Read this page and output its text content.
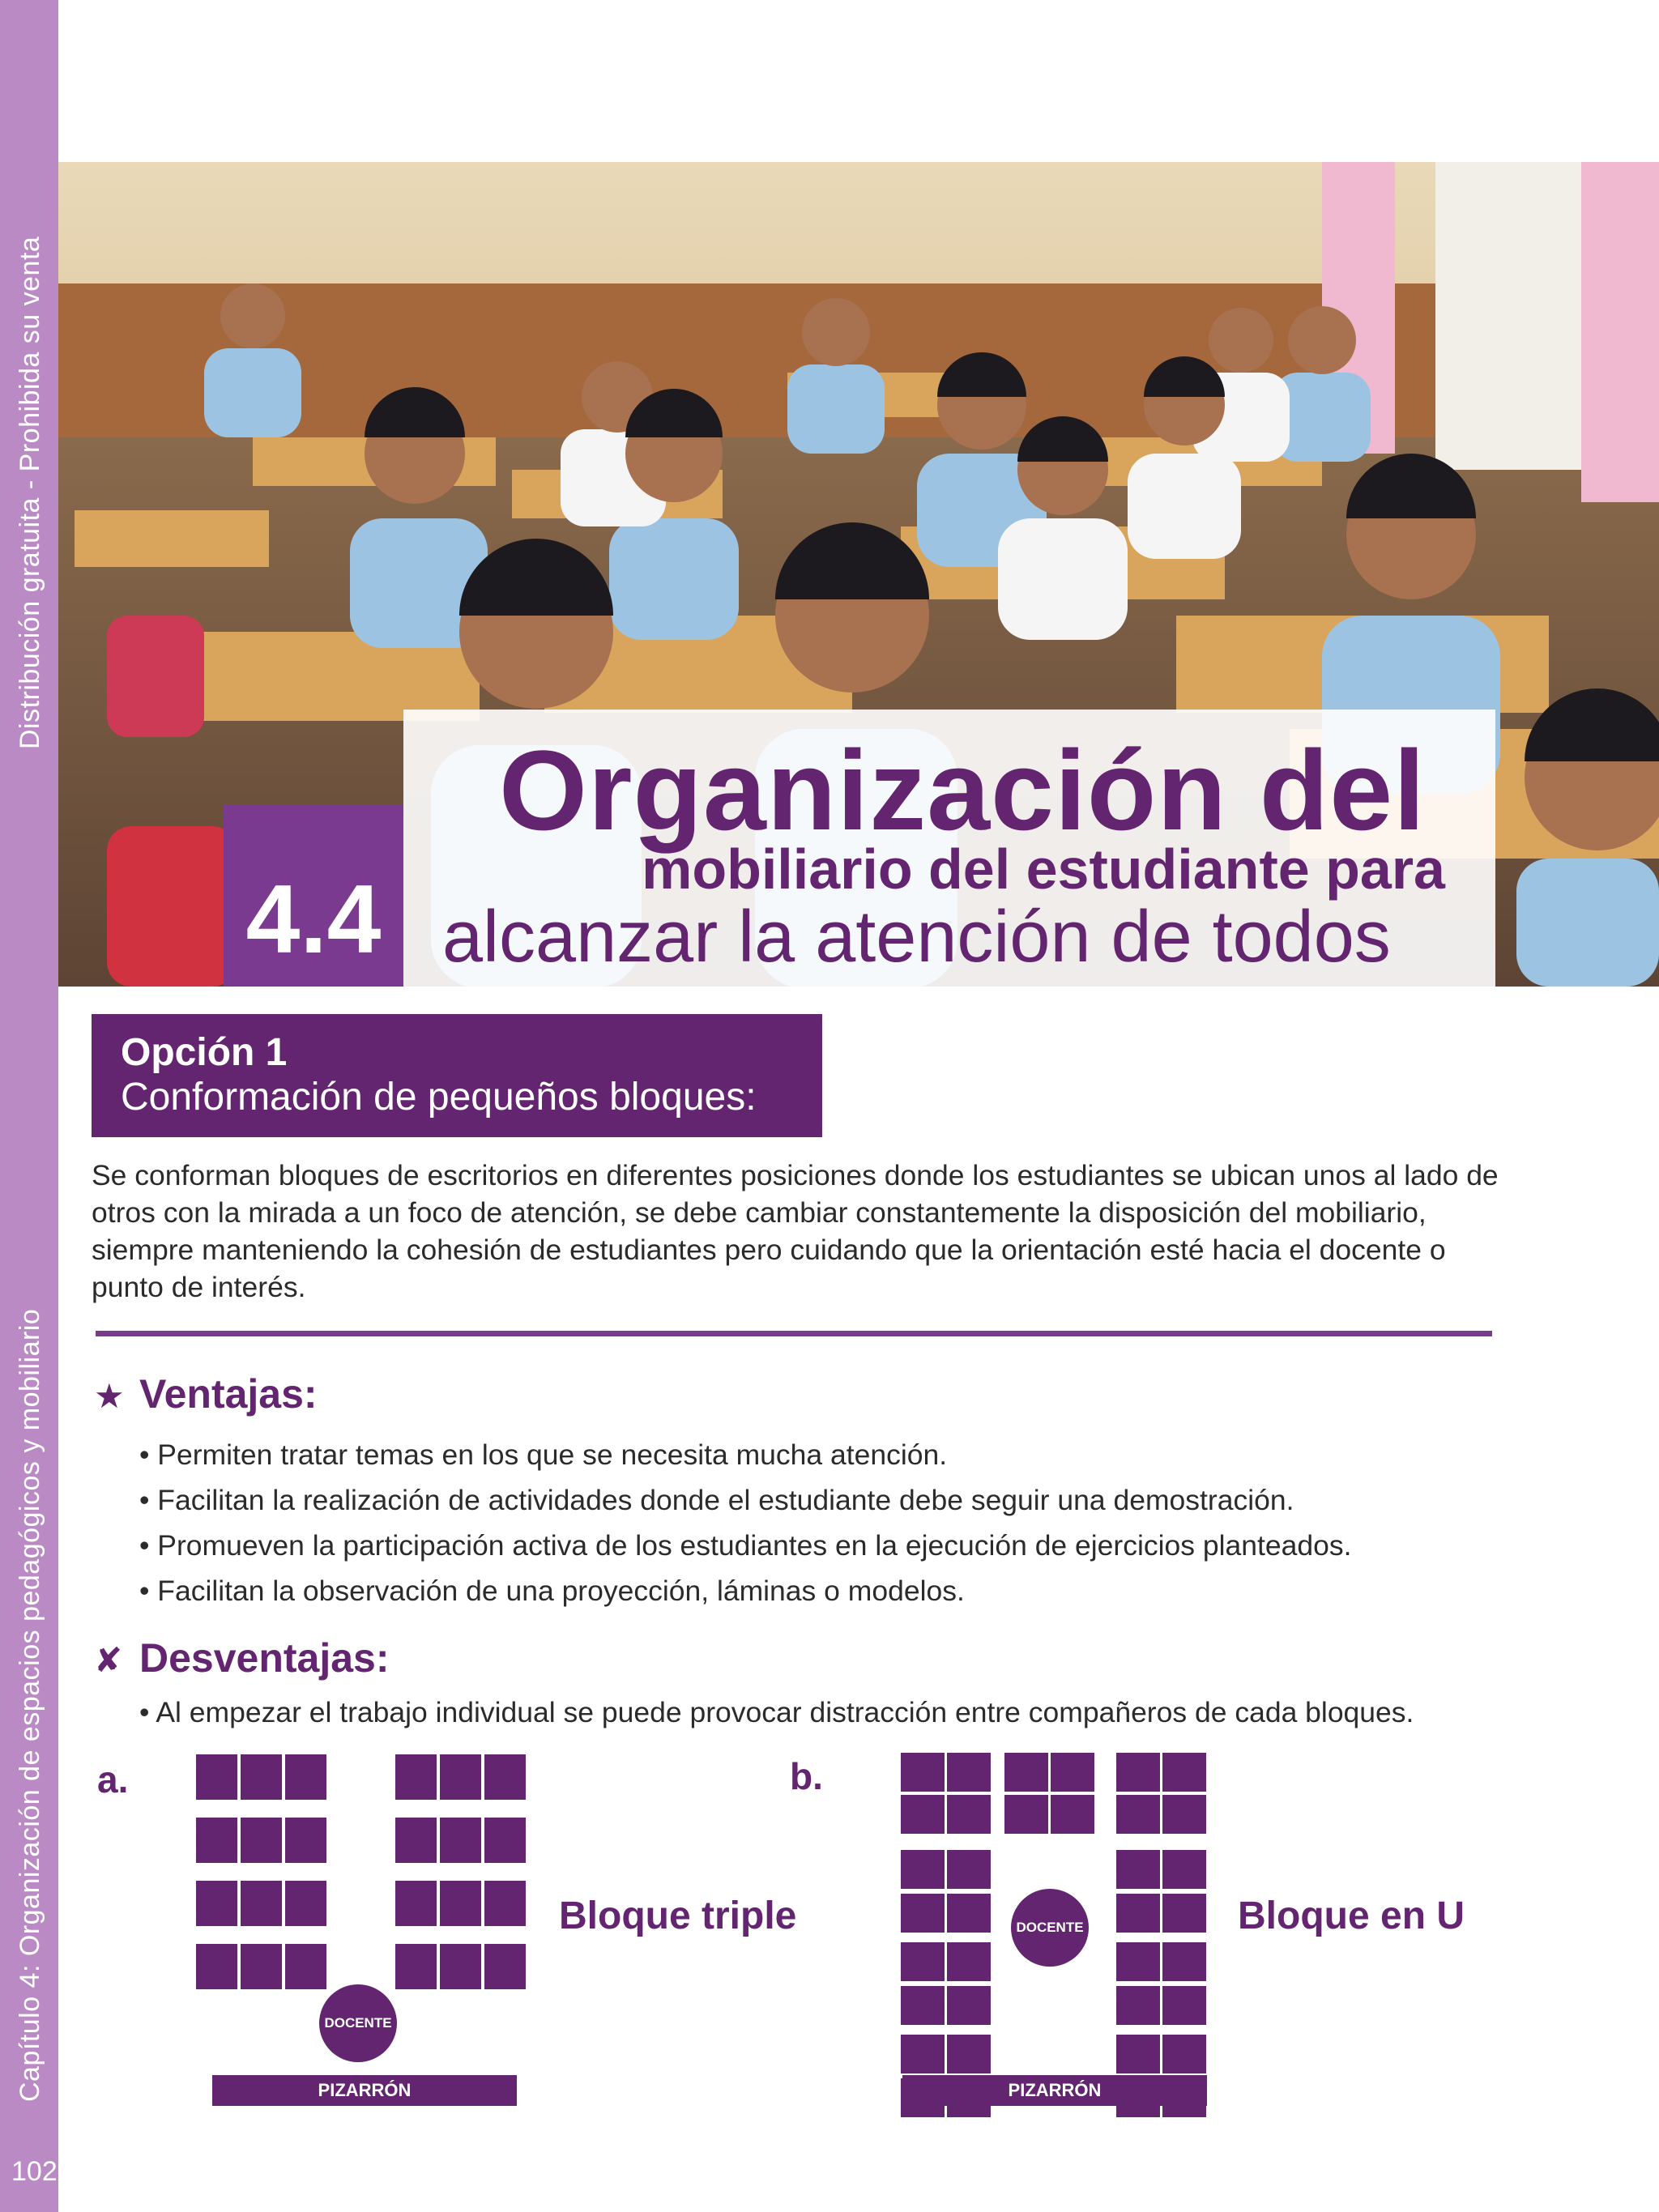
Distribución gratuita - Prohibida su venta
Capítulo 4: Organización de espacios pedagógicos y mobiliario
102
4.4
Organización del
mobiliario del estudiante para
alcanzar la atención de todos
Opción 1
Conformación de pequeños bloques:
Se conforman bloques de escritorios en diferentes posiciones donde los estudiantes se ubican unos al lado de otros con la mirada a un foco de atención, se debe cambiar constantemente la disposición del mobiliario, siempre manteniendo la cohesión de estudiantes pero cuidando que la orientación esté hacia el docente o punto de interés.
★ Ventajas:
• Permiten tratar temas en los que se necesita mucha atención.
• Facilitan la realización de actividades donde el estudiante debe seguir una demostración.
• Promueven la participación activa de los estudiantes en la ejecución de ejercicios planteados.
• Facilitan la observación de una proyección, láminas o modelos.
✘ Desventajas:
• Al empezar el trabajo individual se puede provocar distracción entre compañeros de cada bloques.
a.
DOCENTE
PIZARRÓN
Bloque triple
b.
DOCENTE
PIZARRÓN
Bloque en U
